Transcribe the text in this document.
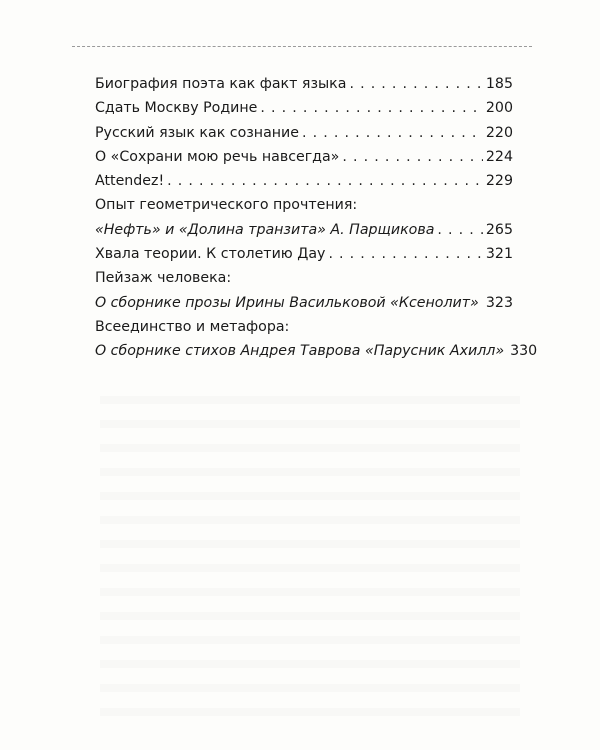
Биография поэта как факт языка . . .	185
Сдать Москву Родине . . .	200
Русский язык как сознание . . .	220
О «Сохрани мою речь навсегда» . . .	224
Attendez! . . .	229
Опыт геометрического прочтения:
«Нефть» и «Долина транзита» А. Парщикова . . .	265
Хвала теории. К столетию Дау . . .	321
Пейзаж человека:
О сборнике прозы Ирины Васильковой «Ксенолит» . . . 323
Всеединство и метафора:
О сборнике стихов Андрея Таврова «Парусник Ахилл» 330
